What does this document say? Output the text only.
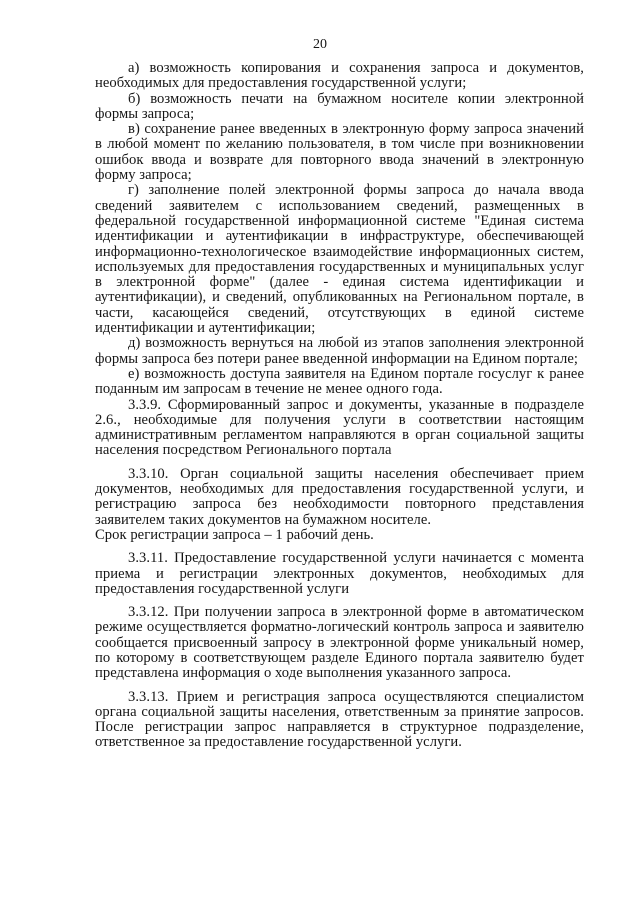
20

а) возможность копирования и сохранения запроса и документов, необходимых для предоставления государственной услуги;

б) возможность печати на бумажном носителе копии электронной формы запроса;

в) сохранение ранее введенных в электронную форму запроса значений в любой момент по желанию пользователя, в том числе при возникновении ошибок ввода и возврате для повторного ввода значений в электронную форму запроса;

г) заполнение полей электронной формы запроса до начала ввода сведений заявителем с использованием сведений, размещенных в федеральной государственной информационной системе "Единая система идентификации и аутентификации в инфраструктуре, обеспечивающей информационно-технологическое взаимодействие информационных систем, используемых для предоставления государственных и муниципальных услуг в электронной форме" (далее - единая система идентификации и аутентификации), и сведений, опубликованных на Региональном портале, в части, касающейся сведений, отсутствующих в единой системе идентификации и аутентификации;

д) возможность вернуться на любой из этапов заполнения электронной формы запроса без потери ранее введенной информации на Едином портале;

е) возможность доступа заявителя на Едином портале госуслуг к ранее поданным им запросам в течение не менее одного года.

3.3.9. Сформированный запрос и документы, указанные в подразделе 2.6., необходимые для получения услуги в соответствии настоящим административным регламентом направляются в орган социальной защиты населения посредством Регионального портала

3.3.10. Орган социальной защиты населения обеспечивает прием документов, необходимых для предоставления государственной услуги, и регистрацию запроса без необходимости повторного представления заявителем таких документов на бумажном носителе.

Срок регистрации запроса – 1 рабочий день.

3.3.11. Предоставление государственной услуги начинается с момента приема и регистрации электронных документов, необходимых для предоставления государственной услуги

3.3.12. При получении запроса в электронной форме в автоматическом режиме осуществляется форматно-логический контроль запроса и заявителю сообщается присвоенный запросу в электронной форме уникальный номер, по которому в соответствующем разделе Единого портала заявителю будет представлена информация о ходе выполнения указанного запроса.

3.3.13. Прием и регистрация запроса осуществляются специалистом органа социальной защиты населения, ответственным за принятие запросов. После регистрации запрос направляется в структурное подразделение, ответственное за предоставление государственной услуги.
